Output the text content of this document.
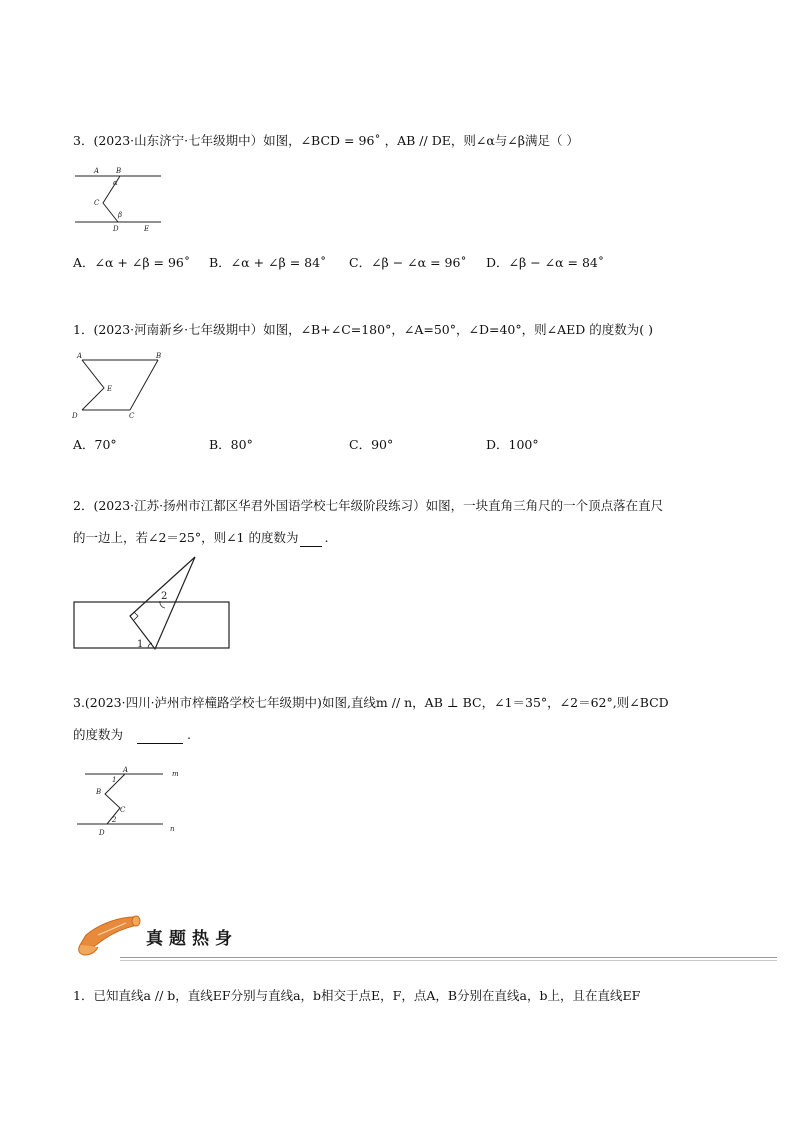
3．(2023·山东济宁·七年级期中）如图，∠BCD = 96˚ ，AB // DE，则∠α与∠β满足（ ）
A B
α
C
β
D	E
A．∠α + ∠β = 96˚ B．∠α + ∠β = 84˚ C．∠β − ∠α = 96˚ D．∠β − ∠α = 84˚
1．(2023·河南新乡·七年级期中）如图，∠B+∠C=180°，∠A=50°，∠D=40°，则∠AED 的度数为( )
A	B
E
D	C
A．70°	B．80°	C．90°	D．100°
2．(2023·江苏·扬州市江都区华君外国语学校七年级阶段练习）如图，一块直角三角尺的一个顶点落在直尺
的一边上，若∠2＝25°，则∠1 的度数为 .
2
1
3.(2023·四川·泸州市梓橦路学校七年级期中)如图,直线m // n，AB ⊥ BC，∠1＝35°，∠2＝62°,则∠BCD
的度数为	.
A	m
1
B
C
2
D	n
真题热身
1．已知直线a // b，直线EF分别与直线a，b相交于点E，F，点A，B分别在直线a，b上，且在直线EF
